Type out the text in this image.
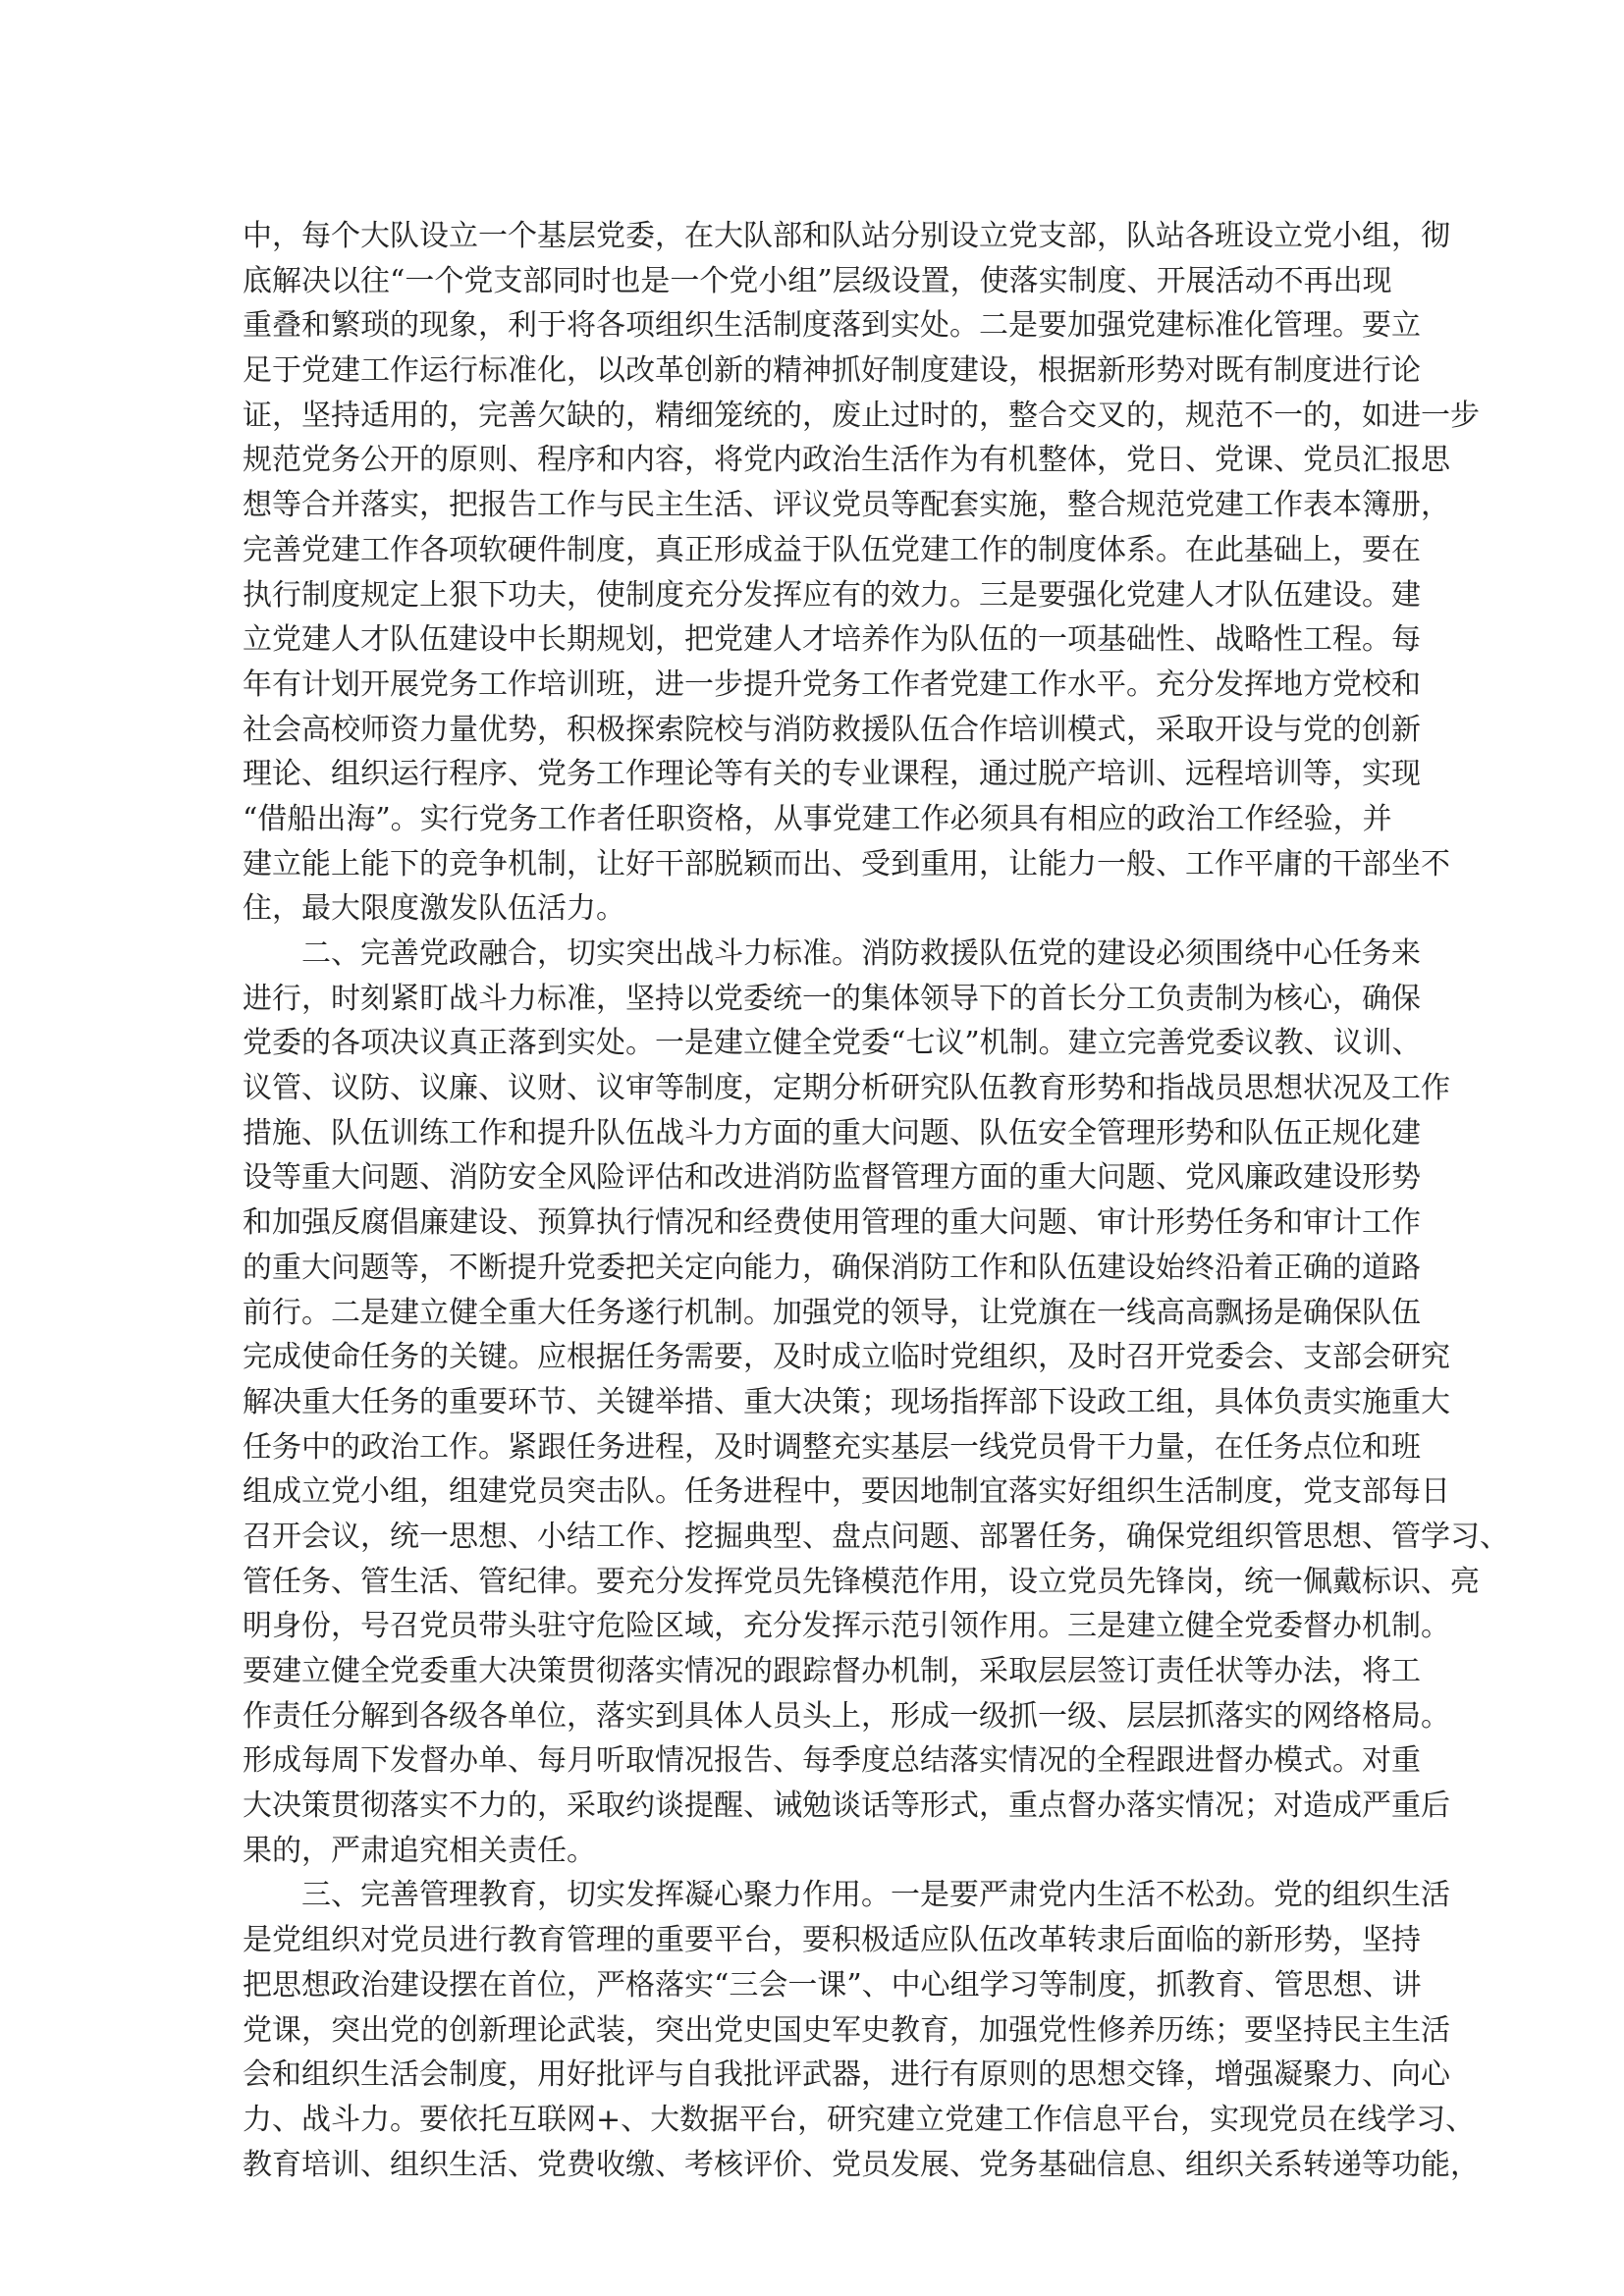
中，每个大队设立一个基层党委，在大队部和队站分别设立党支部，队站各班设立党小组，彻
底解决以往“一个党支部同时也是一个党小组”层级设置，使落实制度、开展活动不再出现
重叠和繁琐的现象，利于将各项组织生活制度落到实处。二是要加强党建标准化管理。要立
足于党建工作运行标准化，以改革创新的精神抓好制度建设，根据新形势对既有制度进行论
证，坚持适用的，完善欠缺的，精细笼统的，废止过时的，整合交叉的，规范不一的，如进一步
规范党务公开的原则、程序和内容，将党内政治生活作为有机整体，党日、党课、党员汇报思
想等合并落实，把报告工作与民主生活、评议党员等配套实施，整合规范党建工作表本簿册，
完善党建工作各项软硬件制度，真正形成益于队伍党建工作的制度体系。在此基础上，要在
执行制度规定上狠下功夫，使制度充分发挥应有的效力。三是要强化党建人才队伍建设。建
立党建人才队伍建设中长期规划，把党建人才培养作为队伍的一项基础性、战略性工程。每
年有计划开展党务工作培训班，进一步提升党务工作者党建工作水平。充分发挥地方党校和
社会高校师资力量优势，积极探索院校与消防救援队伍合作培训模式，采取开设与党的创新
理论、组织运行程序、党务工作理论等有关的专业课程，通过脱产培训、远程培训等，实现
“借船出海”。实行党务工作者任职资格，从事党建工作必须具有相应的政治工作经验，并
建立能上能下的竞争机制，让好干部脱颖而出、受到重用，让能力一般、工作平庸的干部坐不
住，最大限度激发队伍活力。
二、完善党政融合，切实突出战斗力标准。消防救援队伍党的建设必须围绕中心任务来
进行，时刻紧盯战斗力标准，坚持以党委统一的集体领导下的首长分工负责制为核心，确保
党委的各项决议真正落到实处。一是建立健全党委“七议”机制。建立完善党委议教、议训、
议管、议防、议廉、议财、议审等制度，定期分析研究队伍教育形势和指战员思想状况及工作
措施、队伍训练工作和提升队伍战斗力方面的重大问题、队伍安全管理形势和队伍正规化建
设等重大问题、消防安全风险评估和改进消防监督管理方面的重大问题、党风廉政建设形势
和加强反腐倡廉建设、预算执行情况和经费使用管理的重大问题、审计形势任务和审计工作
的重大问题等，不断提升党委把关定向能力，确保消防工作和队伍建设始终沿着正确的道路
前行。二是建立健全重大任务遂行机制。加强党的领导，让党旗在一线高高飘扬是确保队伍
完成使命任务的关键。应根据任务需要，及时成立临时党组织，及时召开党委会、支部会研究
解决重大任务的重要环节、关键举措、重大决策；现场指挥部下设政工组，具体负责实施重大
任务中的政治工作。紧跟任务进程，及时调整充实基层一线党员骨干力量，在任务点位和班
组成立党小组，组建党员突击队。任务进程中，要因地制宜落实好组织生活制度，党支部每日
召开会议，统一思想、小结工作、挖掘典型、盘点问题、部署任务，确保党组织管思想、管学习、
管任务、管生活、管纪律。要充分发挥党员先锋模范作用，设立党员先锋岗，统一佩戴标识、亮
明身份，号召党员带头驻守危险区域，充分发挥示范引领作用。三是建立健全党委督办机制。
要建立健全党委重大决策贯彻落实情况的跟踪督办机制，采取层层签订责任状等办法，将工
作责任分解到各级各单位，落实到具体人员头上，形成一级抓一级、层层抓落实的网络格局。
形成每周下发督办单、每月听取情况报告、每季度总结落实情况的全程跟进督办模式。对重
大决策贯彻落实不力的，采取约谈提醒、诫勉谈话等形式，重点督办落实情况；对造成严重后
果的，严肃追究相关责任。
三、完善管理教育，切实发挥凝心聚力作用。一是要严肃党内生活不松劲。党的组织生活
是党组织对党员进行教育管理的重要平台，要积极适应队伍改革转隶后面临的新形势，坚持
把思想政治建设摆在首位，严格落实“三会一课”、中心组学习等制度，抓教育、管思想、讲
党课，突出党的创新理论武装，突出党史国史军史教育，加强党性修养历练；要坚持民主生活
会和组织生活会制度，用好批评与自我批评武器，进行有原则的思想交锋，增强凝聚力、向心
力、战斗力。要依托互联网+、大数据平台，研究建立党建工作信息平台，实现党员在线学习、
教育培训、组织生活、党费收缴、考核评价、党员发展、党务基础信息、组织关系转递等功能，
